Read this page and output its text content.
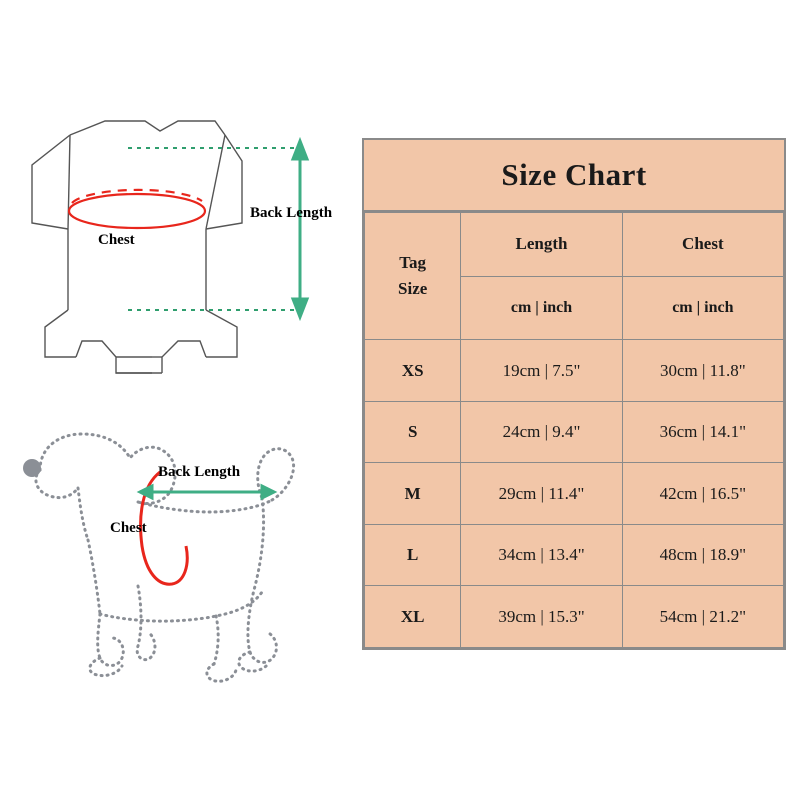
Chest
Back Length
Back Length
Chest
Size Chart
Tag
Size	Length	Chest
	cm | inch	cm | inch
XS	19cm | 7.5"	30cm | 11.8"
S	24cm | 9.4"	36cm | 14.1"
M	29cm | 11.4"	42cm | 16.5"
L	34cm | 13.4"	48cm | 18.9"
XL	39cm | 15.3"	54cm | 21.2"
